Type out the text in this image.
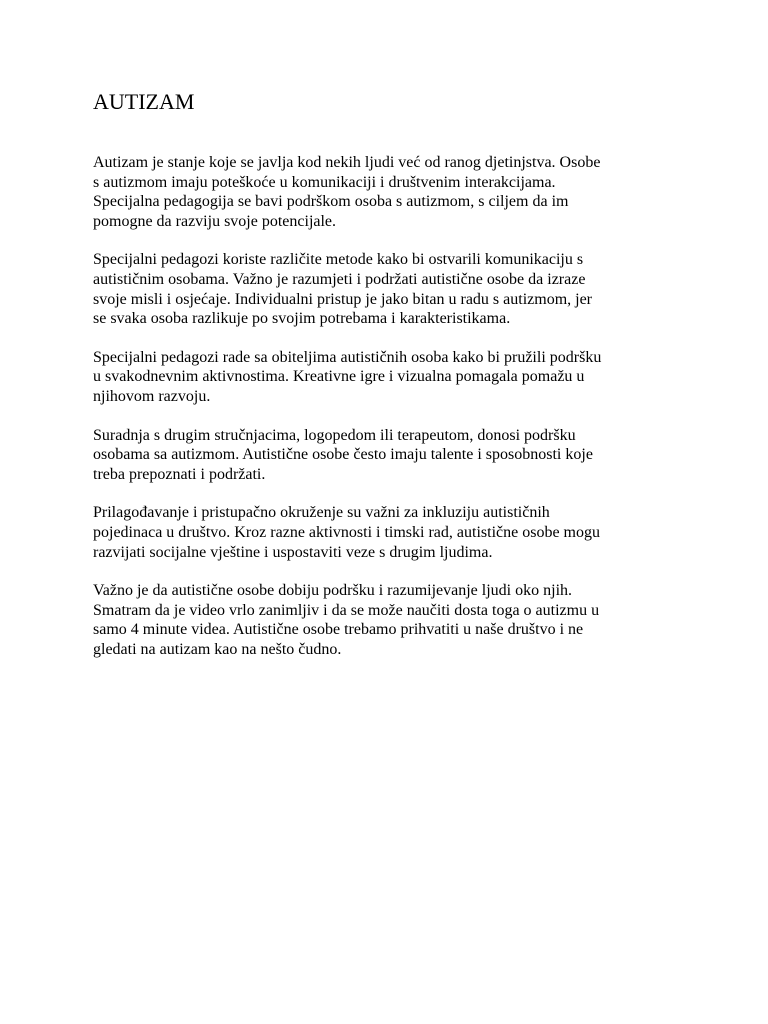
AUTIZAM

Autizam je stanje koje se javlja kod nekih ljudi već od ranog djetinjstva. Osobe
s autizmom imaju poteškoće u komunikaciji i društvenim interakcijama.
Specijalna pedagogija se bavi podrškom osoba s autizmom, s ciljem da im
pomogne da razviju svoje potencijale.

Specijalni pedagozi koriste različite metode kako bi ostvarili komunikaciju s
autističnim osobama. Važno je razumjeti i podržati autistične osobe da izraze
svoje misli i osjećaje. Individualni pristup je jako bitan u radu s autizmom, jer
se svaka osoba razlikuje po svojim potrebama i karakteristikama.

Specijalni pedagozi rade sa obiteljima autističnih osoba kako bi pružili podršku
u svakodnevnim aktivnostima. Kreativne igre i vizualna pomagala pomažu u
njihovom razvoju.

Suradnja s drugim stručnjacima, logopedom ili terapeutom, donosi podršku
osobama sa autizmom. Autistične osobe često imaju talente i sposobnosti koje
treba prepoznati i podržati.

Prilagođavanje i pristupačno okruženje su važni za inkluziju autističnih
pojedinaca u društvo. Kroz razne aktivnosti i timski rad, autistične osobe mogu
razvijati socijalne vještine i uspostaviti veze s drugim ljudima.

Važno je da autistične osobe dobiju podršku i razumijevanje ljudi oko njih.
Smatram da je video vrlo zanimljiv i da se može naučiti dosta toga o autizmu u
samo 4 minute videa. Autistične osobe trebamo prihvatiti u naše društvo i ne
gledati na autizam kao na nešto čudno.
